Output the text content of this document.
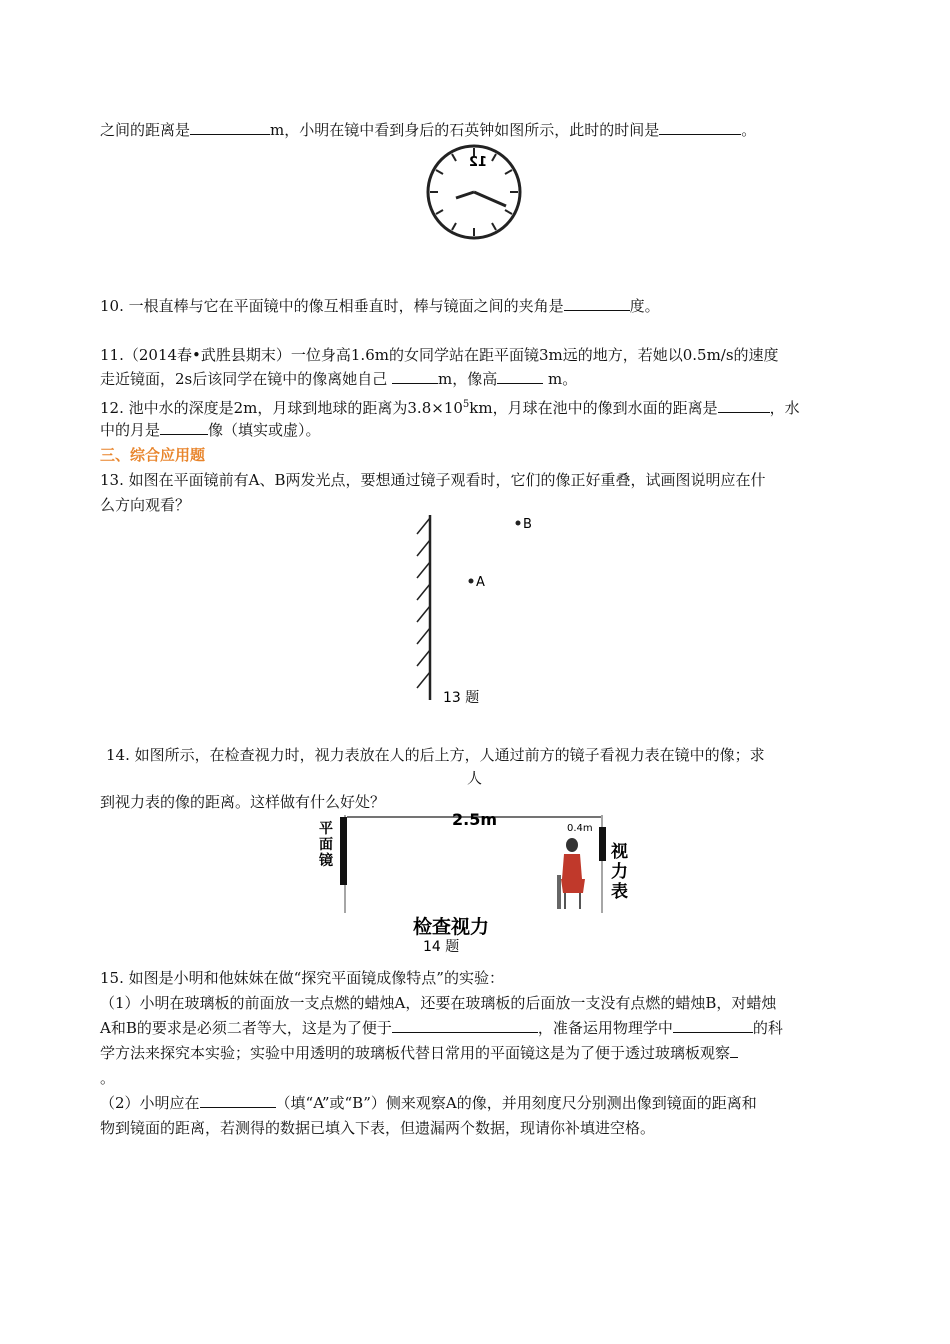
之间的距离是	m，小明在镜中看到身后的石英钟如图所示，此时的时间是	。
12
10. 一根直棒与它在平面镜中的像互相垂直时，棒与镜面之间的夹角是	度。
11.（2014春•武胜县期末）一位身高1.6m的女同学站在距平面镜3m远的地方，若她以0.5m/s的速度
走近镜面，2s后该同学在镜中的像离她自己	m，像高	m。
12. 池中水的深度是2m，月球到地球的距离为$3.8\times 10^5km$，月球在池中的像到水面的距离是	，水
中的月是	像（填实或虚）。
三、综合应用题
13. 如图在平面镜前有A、B两发光点，要想通过镜子观看时，它们的像正好重叠，试画图说明应在什
么方向观看？
B
A
13 题
14. 如图所示，在检查视力时，视力表放在人的后上方，人通过前方的镜子看视力表在镜中的像；求
人
到视力表的像的距离。这样做有什么好处？
平
面
镜
2.5m	0.4m
视
力
表
检查视力
14 题
15. 如图是小明和他妹妹在做“探究平面镜成像特点”的实验：
（1）小明在玻璃板的前面放一支点燃的蜡烛A，还要在玻璃板的后面放一支没有点燃的蜡烛B，对蜡烛
A和B的要求是必须二者等大，这是为了便于	，准备运用物理学中	的科
学方法来探究本实验；实验中用透明的玻璃板代替日常用的平面镜这是为了便于透过玻璃板观察
。
（2）小明应在	（填“A”或“B”）侧来观察A的像，并用刻度尺分别测出像到镜面的距离和
物到镜面的距离，若测得的数据已填入下表，但遗漏两个数据，现请你补填进空格。
